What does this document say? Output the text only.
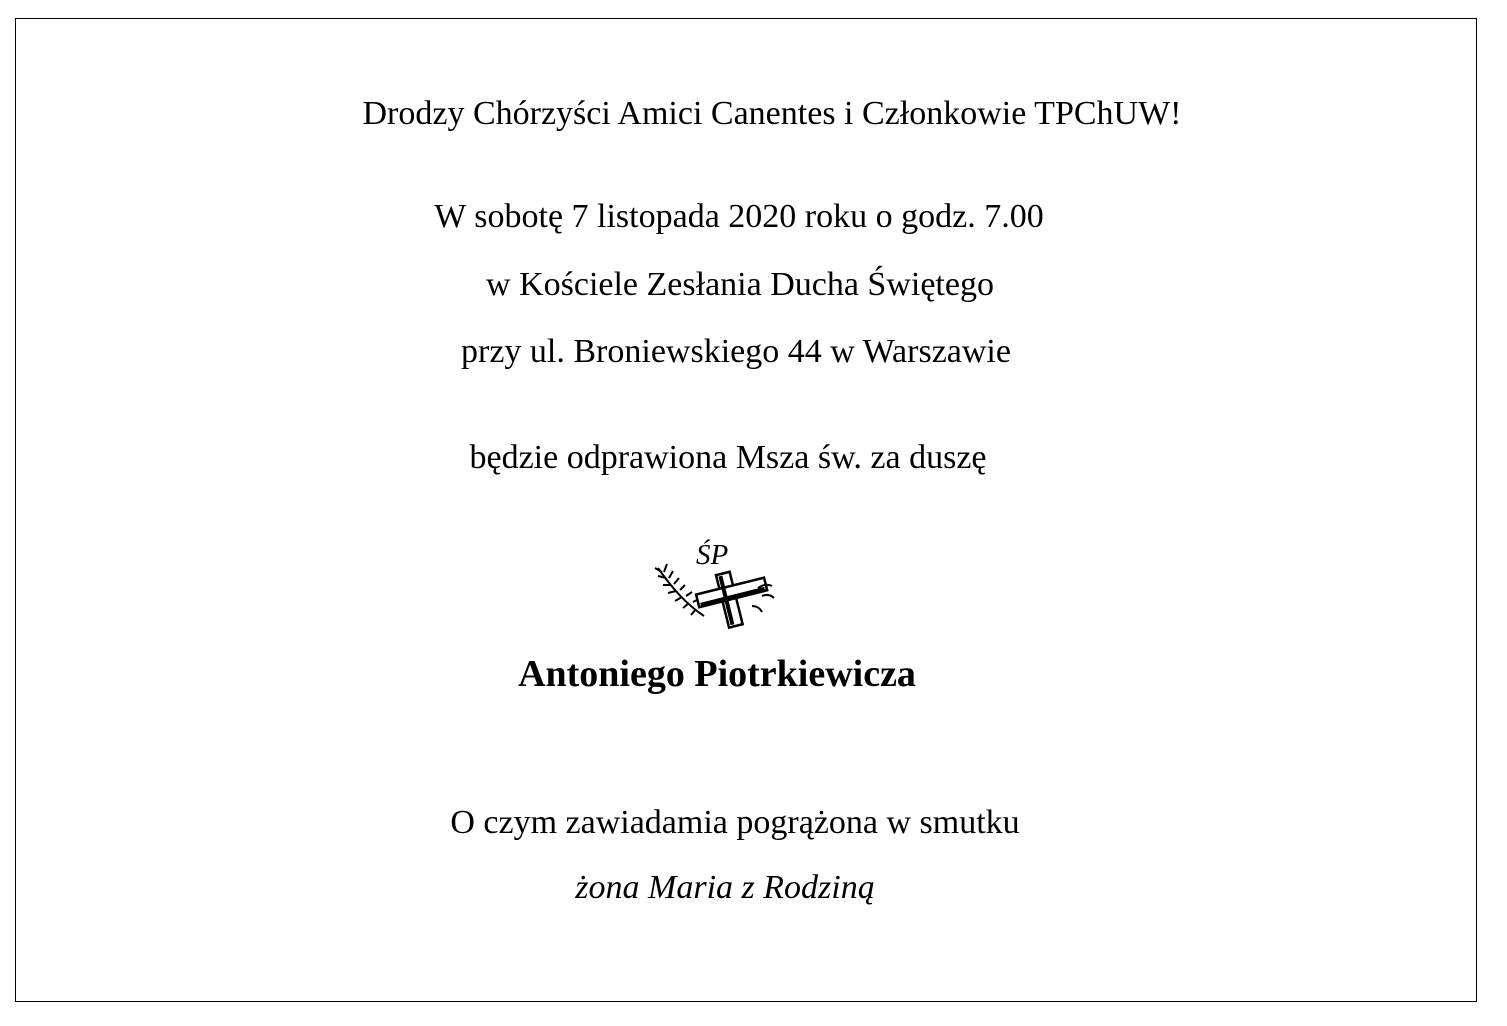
Drodzy Chórzyści Amici Canentes i Członkowie TPChUW!
W sobotę 7 listopada 2020 roku o godz. 7.00
w Kościele Zesłania Ducha Świętego
przy ul. Broniewskiego 44 w Warszawie
będzie odprawiona Msza św. za duszę
ŚP
Antoniego Piotrkiewicza
O czym zawiadamia pogrążona w smutku
żona Maria z Rodziną
